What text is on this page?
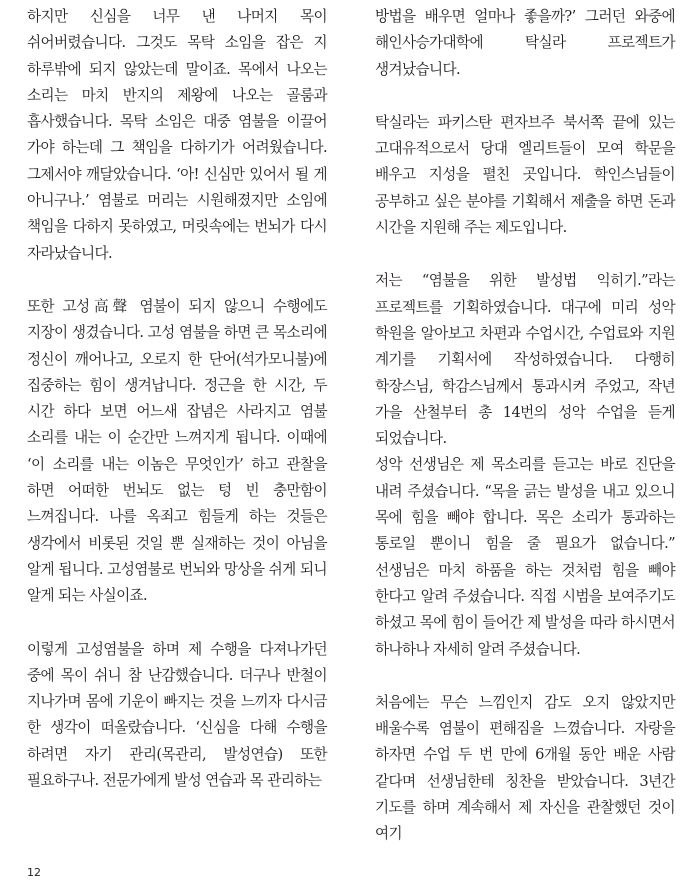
하지만 신심을 너무 낸 나머지 목이 쉬어버렸습니다. 그것도 목탁 소임을 잡은 지 하루밖에 되지 않았는데 말이죠. 목에서 나오는 소리는 마치 반지의 제왕에 나오는 골룸과 흡사했습니다. 목탁 소임은 대중 염불을 이끌어 가야 하는데 그 책임을 다하기가 어려웠습니다. 그제서야 깨달았습니다. ‘아! 신심만 있어서 될 게 아니구나.’ 염불로 머리는 시원해졌지만 소임에 책임을 다하지 못하였고, 머릿속에는 번뇌가 다시 자라났습니다.

또한 고성高聲 염불이 되지 않으니 수행에도 지장이 생겼습니다. 고성 염불을 하면 큰 목소리에 정신이 깨어나고, 오로지 한 단어(석가모니불)에 집중하는 힘이 생겨납니다. 정근을 한 시간, 두 시간 하다 보면 어느새 잡념은 사라지고 염불 소리를 내는 이 순간만 느껴지게 됩니다. 이때에 ‘이 소리를 내는 이놈은 무엇인가’ 하고 관찰을 하면 어떠한 번뇌도 없는 텅 빈 충만함이 느껴집니다. 나를 옥죄고 힘들게 하는 것들은 생각에서 비롯된 것일 뿐 실재하는 것이 아님을 알게 됩니다. 고성염불로 번뇌와 망상을 쉬게 되니 알게 되는 사실이죠.

이렇게 고성염불을 하며 제 수행을 다져나가던 중에 목이 쉬니 참 난감했습니다. 더구나 반철이 지나가며 몸에 기운이 빠지는 것을 느끼자 다시금 한 생각이 떠올랐습니다. ‘신심을 다해 수행을 하려면 자기 관리(목관리, 발성연습) 또한 필요하구나. 전문가에게 발성 연습과 목 관리하는

방법을 배우면 얼마나 좋을까?’ 그러던 와중에 해인사승가대학에 탁실라 프로젝트가 생겨났습니다.

탁실라는 파키스탄 편자브주 북서쪽 끝에 있는 고대유적으로서 당대 엘리트들이 모여 학문을 배우고 지성을 펼친 곳입니다. 학인스님들이 공부하고 싶은 분야를 기획해서 제출을 하면 돈과 시간을 지원해 주는 제도입니다.

저는 “염불을 위한 발성법 익히기.”라는 프로젝트를 기획하였습니다. 대구에 미리 성악 학원을 알아보고 차편과 수업시간, 수업료와 지원 계기를 기획서에 작성하였습니다. 다행히 학장스님, 학감스님께서 통과시켜 주었고, 작년 가을 산철부터 총 14번의 성악 수업을 듣게 되었습니다.

성악 선생님은 제 목소리를 듣고는 바로 진단을 내려 주셨습니다. “목을 긁는 발성을 내고 있으니 목에 힘을 빼야 합니다. 목은 소리가 통과하는 통로일 뿐이니 힘을 줄 필요가 없습니다.” 선생님은 마치 하품을 하는 것처럼 힘을 빼야 한다고 알려 주셨습니다. 직접 시범을 보여주기도 하셨고 목에 힘이 들어간 제 발성을 따라 하시면서 하나하나 자세히 알려 주셨습니다.

처음에는 무슨 느낌인지 감도 오지 않았지만 배울수록 염불이 편해짐을 느꼈습니다. 자랑을 하자면 수업 두 번 만에 6개월 동안 배운 사람 같다며 선생님한테 칭찬을 받았습니다. 3년간 기도를 하며 계속해서 제 자신을 관찰했던 것이 여기

12
